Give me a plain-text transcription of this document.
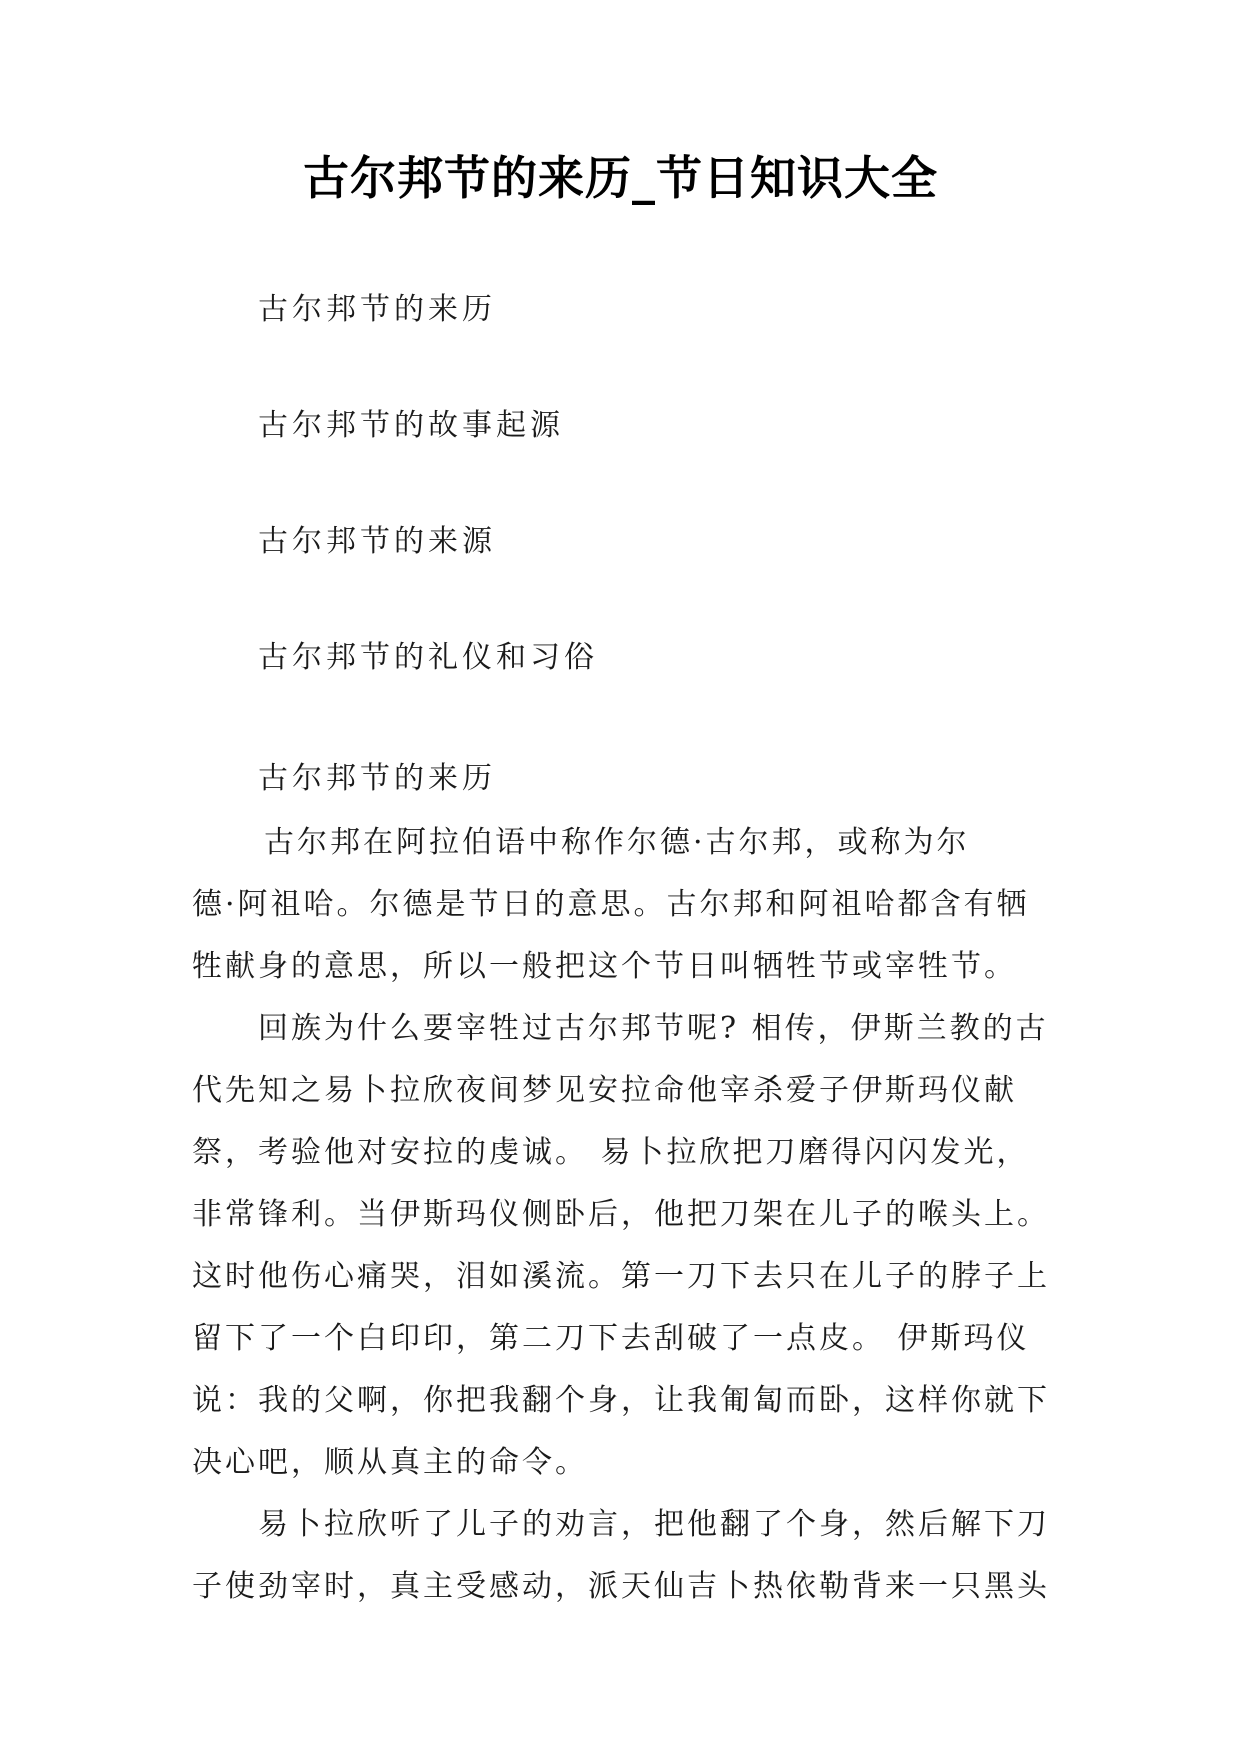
古尔邦节的来历_节日知识大全
古尔邦节的来历
古尔邦节的故事起源
古尔邦节的来源
古尔邦节的礼仪和习俗
古尔邦节的来历
古尔邦在阿拉伯语中称作尔德·古尔邦，或称为尔
德·阿祖哈。尔德是节日的意思。古尔邦和阿祖哈都含有牺
牲献身的意思，所以一般把这个节日叫牺牲节或宰牲节。
回族为什么要宰牲过古尔邦节呢? 相传，伊斯兰教的古
代先知之易卜拉欣夜间梦见安拉命他宰杀爱子伊斯玛仪献
祭，考验他对安拉的虔诚。 易卜拉欣把刀磨得闪闪发光，
非常锋利。当伊斯玛仪侧卧后，他把刀架在儿子的喉头上。
这时他伤心痛哭，泪如溪流。第一刀下去只在儿子的脖子上
留下了一个白印印，第二刀下去刮破了一点皮。 伊斯玛仪
说：我的父啊，你把我翻个身，让我匍匐而卧，这样你就下
决心吧，顺从真主的命令。
易卜拉欣听了儿子的劝言，把他翻了个身，然后解下刀
子使劲宰时，真主受感动，派天仙吉卜热依勒背来一只黑头
